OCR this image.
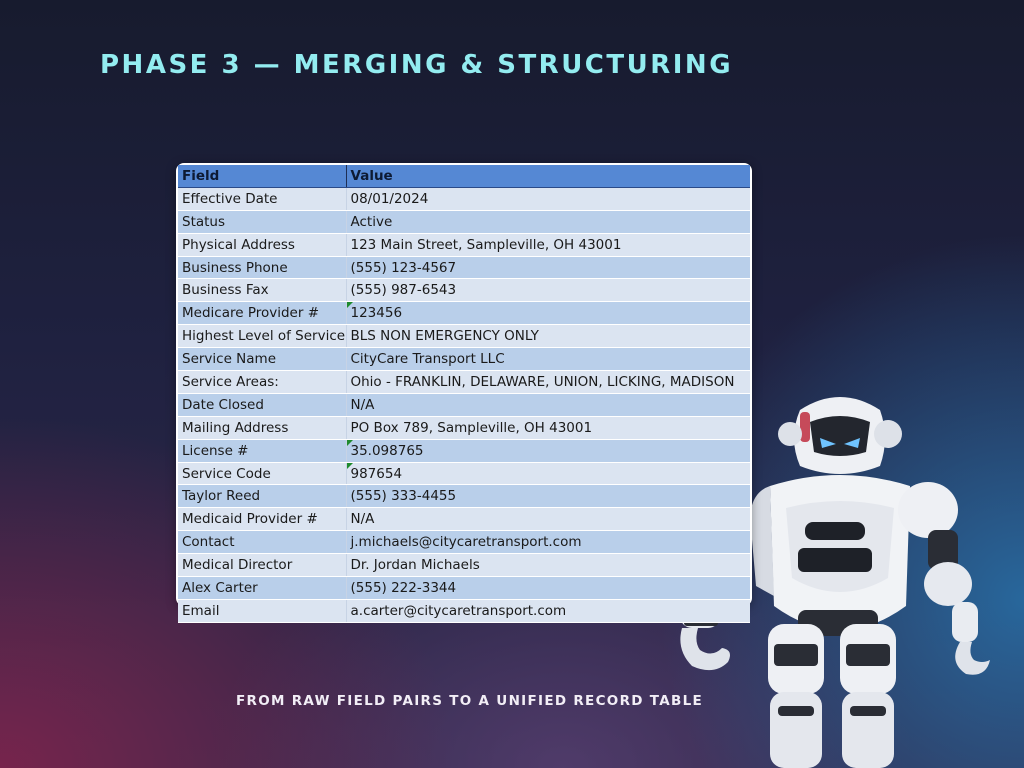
PHASE 3 — MERGING & STRUCTURING
Field	Value
Effective Date	08/01/2024
Status	Active
Physical Address	123 Main Street, Sampleville, OH 43001
Business Phone	(555) 123-4567
Business Fax	(555) 987-6543
Medicare Provider #	123456
Highest Level of Service	BLS NON EMERGENCY ONLY
Service Name	CityCare Transport LLC
Service Areas:	Ohio - FRANKLIN, DELAWARE, UNION, LICKING, MADISON
Date Closed	N/A
Mailing Address	PO Box 789, Sampleville, OH 43001
License #	35.098765
Service Code	987654
Taylor Reed	(555) 333-4455
Medicaid Provider #	N/A
Contact	j.michaels@citycaretransport.com
Medical Director	Dr. Jordan Michaels
Alex Carter	(555) 222-3344
Email	a.carter@citycaretransport.com

FROM RAW FIELD PAIRS TO A UNIFIED RECORD TABLE
